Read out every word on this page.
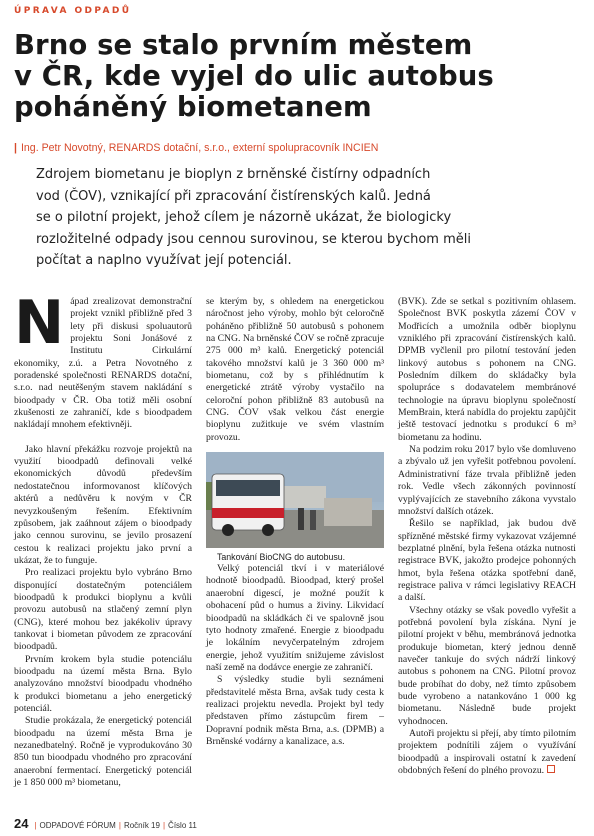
ÚPRAVA ODPADŮ
Brno se stalo prvním městem
v ČR, kde vyjel do ulic autobus
poháněný biometanem
| Ing. Petr Novotný, RENARDS dotační, s.r.o., externí spolupracovník INCIEN
Zdrojem biometanu je bioplyn z brněnské čistírny odpadních
vod (ČOV), vznikající při zpracování čistírenských kalů. Jedná
se o pilotní projekt, jehož cílem je názorně ukázat, že biologicky
rozložitelné odpady jsou cennou surovinou, se kterou bychom měli
počítat a naplno využívat její potenciál.

Nápad zrealizovat demonstrační projekt vznikl přibližně před 3 lety při diskusi spoluautorů projektu Soni Jonášové z Institutu Cirkulární ekonomiky, z.ú. a Petra Novotného z poradenské společnosti RENARDS dotační, s.r.o. nad neutěšeným stavem nakládání s bioodpady v ČR. Oba totiž měli osobní zkušenosti ze zahraničí, kde s bioodpadem nakládají mnohem efektivněji.

Jako hlavní překážku rozvoje projektů na využití bioodpadů definovali velké ekonomických důvodů především nedostatečnou informovanost klíčových aktérů a nedůvěru k novým v ČR nevyzkoušeným řešením. Efektivním způsobem, jak zaáhnout zájem o bioodpady jako cennou surovinu, se jevilo prosazení cestou k realizaci projektu jako první a ukázat, že to funguje.

Pro realizaci projektu bylo vybráno Brno disponující dostatečným potenciálem bioodpadů k produkci bioplynu a kvůli provozu autobusů na stlačený zemní plyn (CNG), které mohou bez jakékoliv úpravy tankovat i biometan původem ze zpracování bioodpadů.

Prvním krokem byla studie potenciálu bioodpadu na území města Brna. Bylo analyzováno množství bioodpadu vhodného k produkci biometanu a jeho energetický potenciál.

Studie prokázala, že energetický potenciál bioodpadu na území města Brna je nezanedbatelný. Ročně je vyprodukováno 30 850 tun bioodpadu vhodného pro zpracování anaerobní fermentací. Energetický potenciál je 1 850 000 m³ biometanu,

se kterým by, s ohledem na energetickou náročnost jeho výroby, mohlo být celoročně poháněno přibližně 50 autobusů s pohonem na CNG. Na brněnské ČOV se ročně zpracuje 275 000 m³ kalů. Energetický potenciál takového množství kalů je 3 360 000 m³ biometanu, což by s přihlédnutím k energetické ztrátě výroby vystačilo na celoroční pohon přibližně 83 autobusů na CNG. ČOV však velkou část energie bioplynu zužitkuje ve svém vlastním provozu.

Tankování BioCNG do autobusu.

Velký potenciál tkví i v materiálové hodnotě bioodpadů. Bioodpad, který prošel anaerobní digescí, je možné použít k obohacení půd o humus a živiny. Likvidací bioodpadů na skládkách či ve spalovně jsou tyto hodnoty zmařené. Energie z bioodpadu je lokálním nevyčerpatelným zdrojem energie, jehož využitím snižujeme závislost naší země na dodávce energie ze zahraničí.

S výsledky studie byli seznámeni představitelé města Brna, avšak tudy cesta k realizaci projektu nevedla. Projekt byl tedy představen přímo zástupcům firem – Dopravní podnik města Brna, a.s. (DPMB) a Brněnské vodárny a kanalizace, a.s.

(BVK). Zde se setkal s pozitivním ohlasem. Společnost BVK poskytla zázemí ČOV v Modřicích a umožnila odběr bioplynu vzniklého při zpracování čistírenských kalů. DPMB vyčlenil pro pilotní testování jeden linkový autobus s pohonem na CNG. Posledním dílkem do skládačky byla spolupráce s dodavatelem membránové technologie na úpravu bioplynu společností MemBrain, která nabídla do projektu zapůjčit ještě testovací jednotku s produkcí 6 m³ biometanu za hodinu.

Na podzim roku 2017 bylo vše domluveno a zbývalo už jen vyřešit potřebnou povolení. Administrativní fáze trvala přibližně jeden rok. Vedle všech zákonných povinností vyplývajících ze stavebního zákona vyvstalo množství dalších otázek.

Řešilo se například, jak budou dvě spřízněné městské firmy vykazovat vzájemné bezplatné plnění, byla řešena otázka nutnosti registrace BVK, jakožto prodejce pohonných hmot, byla řešena otázka spotřební daně, registrace paliva v rámci legislativy REACH a další.

Všechny otázky se však povedlo vyřešit a potřebná povolení byla získána. Nyní je pilotní projekt v běhu, membránová jednotka produkuje biometan, který jednou denně navečer tankuje do svých nádrží linkový autobus s pohonem na CNG. Pilotní provoz bude probíhat do doby, než tímto způsobem bude vyrobeno a natankováno 1 000 kg biometanu. Následně bude projekt vyhodnocen.

Autoři projektu si přejí, aby tímto pilotním projektem podnítili zájem o využívání bioodpadů a inspirovali ostatní k zavedení obdobných řešení do plného provozu.

24 | ODPADOVÉ FÓRUM | Ročník 19 | Číslo 11
